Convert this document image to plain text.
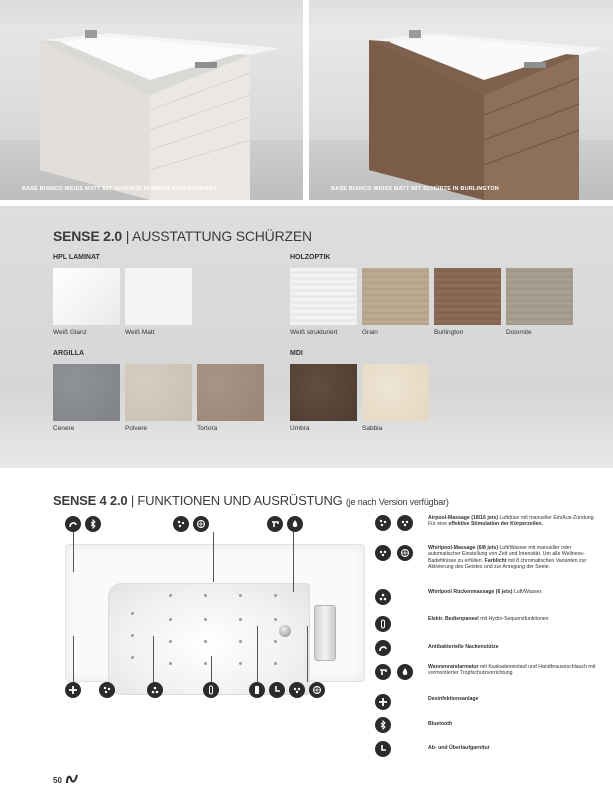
BASE BIANCO WEISS MATT MIT SCHÜRZE IN WEISS STRUKTURIERT	BASE BIANCO WEISS MATT MIT SCHÜRZE IN BURLINGTON
SENSE 2.0 | AUSSTATTUNG SCHÜRZEN
HPL LAMINAT	HOLZOPTIK
Weiß Glanz	Weiß Matt	Weiß strukturiert	Grain	Burlington	Dolomite
ARGILLA	MDI
Cenere	Polvere	Tortora	Umbra	Sabbia
SENSE 4 2.0 | FUNKTIONEN UND AUSRÜSTUNG (je nach Version verfügbar)
Airpool-Massage (18/16 jets) Luftdüse mit manueller Ein/Aus-Zündung. Für eine effektive Stimulation der Körperzellen.
Whirlpool-Massage (6/8 jets) Luft/Wasser mit manueller oder automatischer Einstellung von Zeit und Intensität. Um alle Wellness-Badefitnisse zu erfüllen. Farblicht mit 8 chromatischen Varianten zur Aktivierung des Geistes und zur Anregung der Seele.
Whirlpool Rückenmassage (6 jets) Luft/Wasser.
Elektr. Bedienpaneel mit Hydro-Sequenzfunktionen
Antibakterielle Nackenstütze
Wannenrandarmatur mit Kaskadeneinlauf und Handbrauseschlauch mit vormontierter Tropfschutzvorrichtung
Desinfektionsanlage
Bluetooth
Ab- und Überlaufgarnitur
50
